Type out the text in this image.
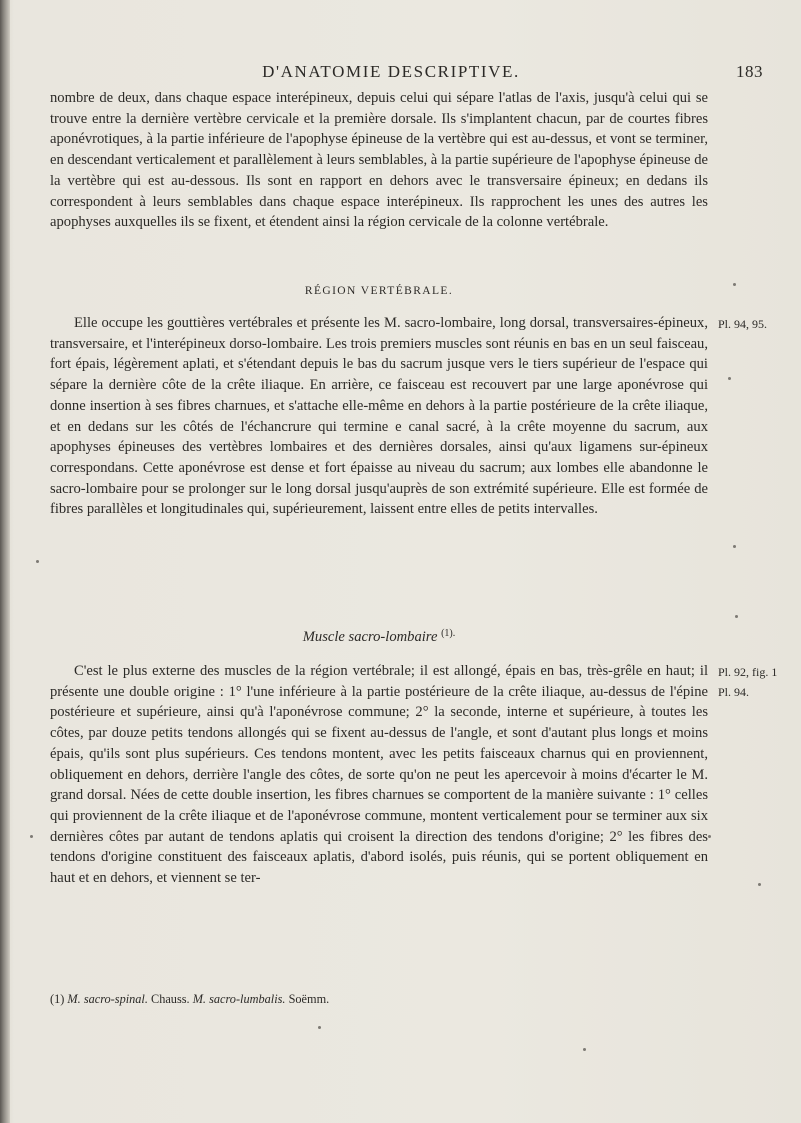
D'ANATOMIE DESCRIPTIVE.	183

nombre de deux, dans chaque espace interépineux, depuis celui qui sépare l'atlas de l'axis, jusqu'à celui qui se trouve entre la dernière vertèbre cervicale et la première dorsale. Ils s'implantent chacun, par de courtes fibres aponévrotiques, à la partie inférieure de l'apophyse épineuse de la vertèbre qui est au-dessus, et vont se terminer, en descendant verticalement et parallèlement à leurs semblables, à la partie supérieure de l'apophyse épineuse de la vertèbre qui est au-dessous. Ils sont en rapport en dehors avec le transversaire épineux; en dedans ils correspondent à leurs semblables dans chaque espace interépineux. Ils rapprochent les unes des autres les apophyses auxquelles ils se fixent, et étendent ainsi la région cervicale de la colonne vertébrale.

RÉGION VERTÉBRALE.

Elle occupe les gouttières vertébrales et présente les M. sacro-lombaire, long dorsal, transversaires-épineux, transversaire, et l'interépineux dorso-lombaire. Les trois premiers muscles sont réunis en bas en un seul faisceau, fort épais, légèrement aplati, et s'étendant depuis le bas du sacrum jusque vers le tiers supérieur de l'espace qui sépare la dernière côte de la crête iliaque. En arrière, ce faisceau est recouvert par une large aponévrose qui donne insertion à ses fibres charnues, et s'attache elle-même en dehors à la partie postérieure de la crête iliaque, et en dedans sur les côtés de l'échancrure qui termine e canal sacré, à la crête moyenne du sacrum, aux apophyses épineuses des vertèbres lombaires et des dernières dorsales, ainsi qu'aux ligamens sur-épineux correspondans. Cette aponévrose est dense et fort épaisse au niveau du sacrum; aux lombes elle abandonne le sacro-lombaire pour se prolonger sur le long dorsal jusqu'auprès de son extrémité supérieure. Elle est formée de fibres parallèles et longitudinales qui, supérieurement, laissent entre elles de petits intervalles.

Muscle sacro-lombaire $^{(1).}$

C'est le plus externe des muscles de la région vertébrale; il est allongé, épais en bas, très-grêle en haut; il présente une double origine : 1° l'une inférieure à la partie postérieure de la crête iliaque, au-dessus de l'épine postérieure et supérieure, ainsi qu'à l'aponévrose commune; 2° la seconde, interne et supérieure, à toutes les côtes, par douze petits tendons allongés qui se fixent au-dessus de l'angle, et sont d'autant plus longs et moins épais, qu'ils sont plus supérieurs. Ces tendons montent, avec les petits faisceaux charnus qui en proviennent, obliquement en dehors, derrière l'angle des côtes, de sorte qu'on ne peut les apercevoir à moins d'écarter le M. grand dorsal. Nées de cette double insertion, les fibres charnues se comportent de la manière suivante : 1° celles qui proviennent de la crête iliaque et de l'aponévrose commune, montent verticalement pour se terminer aux six dernières côtes par autant de tendons aplatis qui croisent la direction des tendons d'origine; 2° les fibres des tendons d'origine constituent des faisceaux aplatis, d'abord isolés, puis réunis, qui se portent obliquement en haut et en dehors, et viennent se ter-

Pl. 94, 95.
Pl. 92, fig. 1
Pl. 94.
(1) M. sacro-spinal. Chauss. M. sacro-lumbalis. Soëmm.
